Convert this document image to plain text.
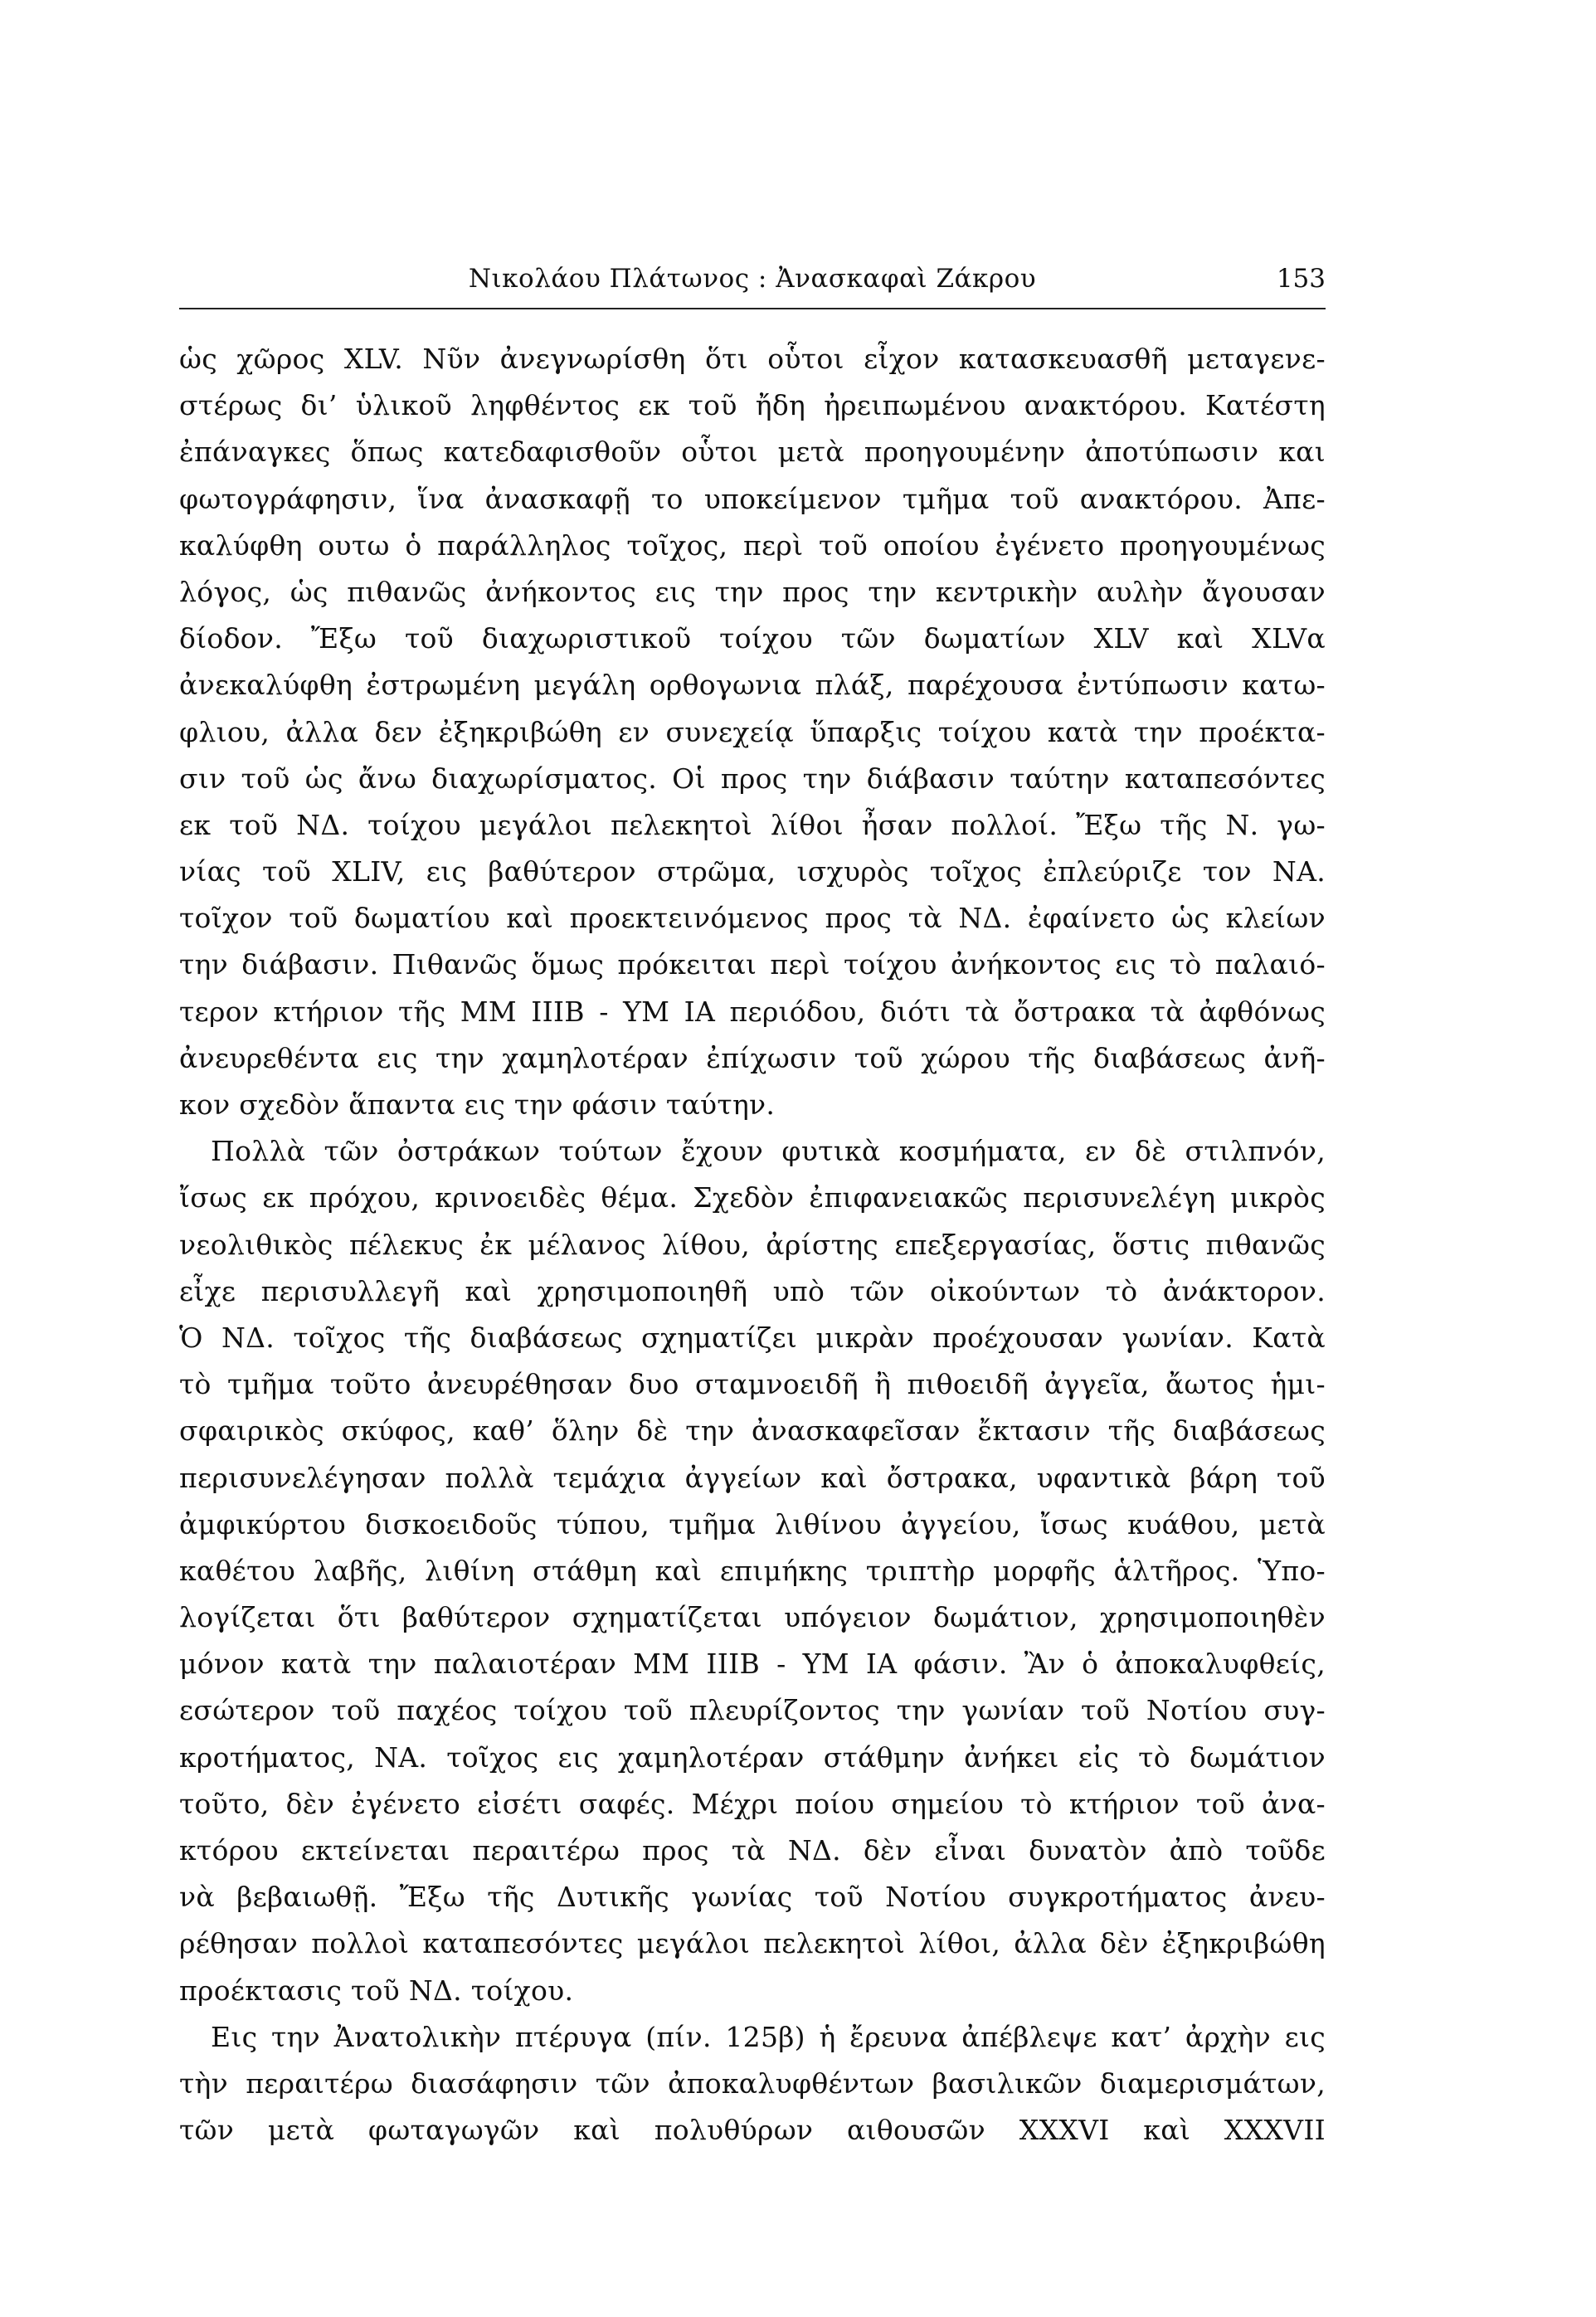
Νικολάου Πλάτωνος : Ἀνασκαφαὶ Ζάκρου	153
ὡς χῶρος XLV. Νῦν ἀνεγνωρίσθη ὅτι οὗτοι εἶχον κατασκευασθῆ μεταγενε-
στέρως δι’ ὑλικοῦ ληφθέντος εκ τοῦ ἤδη ἠρειπωμένου ανακτόρου. Κατέστη
ἐπάναγκες ὅπως κατεδαφισθοῦν οὗτοι μετὰ προηγουμένην ἀποτύπωσιν και
φωτογράφησιν, ἵνα ἀνασκαφῇ το υποκείμενον τμῆμα τοῦ ανακτόρου. Ἀπε-
καλύφθη ουτω ὁ παράλληλος τοῖχος, περὶ τοῦ οποίου ἐγένετο προηγουμένως
λόγος, ὡς πιθανῶς ἀνήκοντος εις την προς την κεντρικὴν αυλὴν ἄγουσαν
δίοδον. Ἔξω τοῦ διαχωριστικοῦ τοίχου τῶν δωματίων XLV καὶ XLVα
ἀνεκαλύφθη ἐστρωμένη μεγάλη ορθογωνια πλάξ, παρέχουσα ἐντύπωσιν κατω-
φλιου, ἀλλα δεν ἐξηκριβώθη εν συνεχείᾳ ὕπαρξις τοίχου κατὰ την προέκτα-
σιν τοῦ ὡς ἄνω διαχωρίσματος. Οἱ προς την διάβασιν ταύτην καταπεσόντες
εκ τοῦ ΝΔ. τοίχου μεγάλοι πελεκητοὶ λίθοι ἦσαν πολλοί. Ἔξω τῆς Ν. γω-
νίας τοῦ XLIV, εις βαθύτερον στρῶμα, ισχυρὸς τοῖχος ἐπλεύριζε τον ΝΑ.
τοῖχον τοῦ δωματίου καὶ προεκτεινόμενος προς τὰ ΝΔ. ἐφαίνετο ὡς κλείων
την διάβασιν. Πιθανῶς ὅμως πρόκειται περὶ τοίχου ἀνήκοντος εις τὸ παλαιό-
τερον κτήριον τῆς ΜΜ ΙΙΙΒ - ΥΜ ΙΑ περιόδου, διότι τὰ ὄστρακα τὰ ἀφθόνως
ἀνευρεθέντα εις την χαμηλοτέραν ἐπίχωσιν τοῦ χώρου τῆς διαβάσεως ἀνῆ-
κον σχεδὸν ἅπαντα εις την φάσιν ταύτην.
Πολλὰ τῶν ὀστράκων τούτων ἔχουν φυτικὰ κοσμήματα, εν δὲ στιλπνόν,
ἴσως εκ πρόχου, κρινοειδὲς θέμα. Σχεδὸν ἐπιφανειακῶς περισυνελέγη μικρὸς
νεολιθικὸς πέλεκυς ἐκ μέλανος λίθου, ἀρίστης επεξεργασίας, ὅστις πιθανῶς
εἶχε περισυλλεγῆ καὶ χρησιμοποιηθῆ υπὸ τῶν οἰκούντων τὸ ἀνάκτορον.
Ὁ ΝΔ. τοῖχος τῆς διαβάσεως σχηματίζει μικρὰν προέχουσαν γωνίαν. Κατὰ
τὸ τμῆμα τοῦτο ἀνευρέθησαν δυο σταμνοειδῆ ἢ πιθοειδῆ ἀγγεῖα, ἄωτος ἡμι-
σφαιρικὸς σκύφος, καθ’ ὅλην δὲ την ἀνασκαφεῖσαν ἔκτασιν τῆς διαβάσεως
περισυνελέγησαν πολλὰ τεμάχια ἀγγείων καὶ ὄστρακα, υφαντικὰ βάρη τοῦ
ἀμφικύρτου δισκοειδοῦς τύπου, τμῆμα λιθίνου ἀγγείου, ἴσως κυάθου, μετὰ
καθέτου λαβῆς, λιθίνη στάθμη καὶ επιμήκης τριπτὴρ μορφῆς ἁλτῆρος. Ὑπο-
λογίζεται ὅτι βαθύτερον σχηματίζεται υπόγειον δωμάτιον, χρησιμοποιηθὲν
μόνον κατὰ την παλαιοτέραν ΜΜ ΙΙΙΒ - ΥΜ ΙΑ φάσιν. Ἂν ὁ ἀποκαλυφθείς,
εσώτερον τοῦ παχέος τοίχου τοῦ πλευρίζοντος την γωνίαν τοῦ Νοτίου συγ-
κροτήματος, ΝΑ. τοῖχος εις χαμηλοτέραν στάθμην ἀνήκει εἰς τὸ δωμάτιον
τοῦτο, δὲν ἐγένετο εἰσέτι σαφές. Μέχρι ποίου σημείου τὸ κτήριον τοῦ ἀνα-
κτόρου εκτείνεται περαιτέρω προς τὰ ΝΔ. δὲν εἶναι δυνατὸν ἀπὸ τοῦδε
νὰ βεβαιωθῇ. Ἔξω τῆς Δυτικῆς γωνίας τοῦ Νοτίου συγκροτήματος ἀνευ-
ρέθησαν πολλοὶ καταπεσόντες μεγάλοι πελεκητοὶ λίθοι, ἀλλα δὲν ἐξηκριβώθη
προέκτασις τοῦ ΝΔ. τοίχου.
Εις την Ἀνατολικὴν πτέρυγα (πίν. 125β) ἡ ἔρευνα ἀπέβλεψε κατ’ ἀρχὴν εις
τὴν περαιτέρω διασάφησιν τῶν ἀποκαλυφθέντων βασιλικῶν διαμερισμάτων,
τῶν μετὰ φωταγωγῶν καὶ πολυθύρων αιθουσῶν XXXVI καὶ XXXVII
